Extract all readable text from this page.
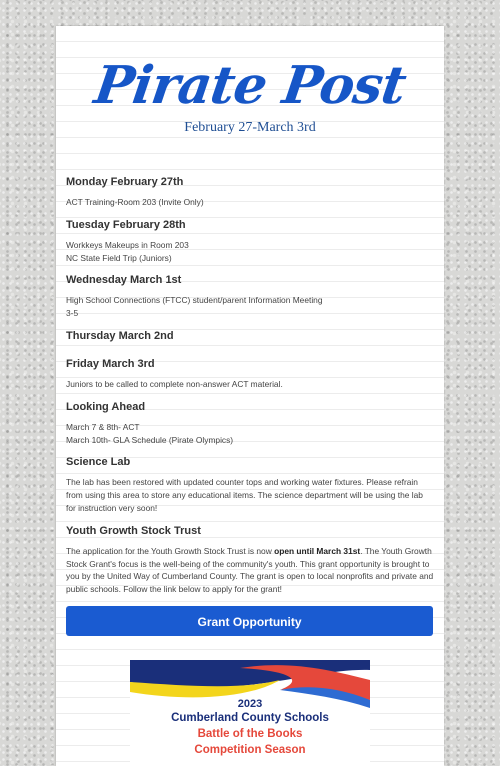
Pirate Post
February 27-March 3rd
Monday February 27th
ACT Training-Room 203 (Invite Only)
Tuesday February 28th
Workkeys Makeups in Room 203
NC State Field Trip (Juniors)
Wednesday March 1st
High School Connections (FTCC) student/parent Information Meeting
3-5
Thursday March 2nd
Friday March 3rd
Juniors to be called to complete non-answer ACT material.
Looking Ahead
March 7 & 8th- ACT
March 10th- GLA Schedule (Pirate Olympics)
Science Lab
The lab has been restored with updated counter tops and working water fixtures. Please refrain from using this area to store any educational items. The science department will be using the lab for instruction very soon!
Youth Growth Stock Trust
The application for the Youth Growth Stock Trust is now open until March 31st. The Youth Growth Stock Grant's focus is the well-being of the community's youth. This grant opportunity is brought to you by the United Way of Cumberland County. The grant is open to local nonprofits and private and public schools. Follow the link below to apply for the grant!
Grant Opportunity
2023
Cumberland County Schools
Battle of the Books
Competition Season
